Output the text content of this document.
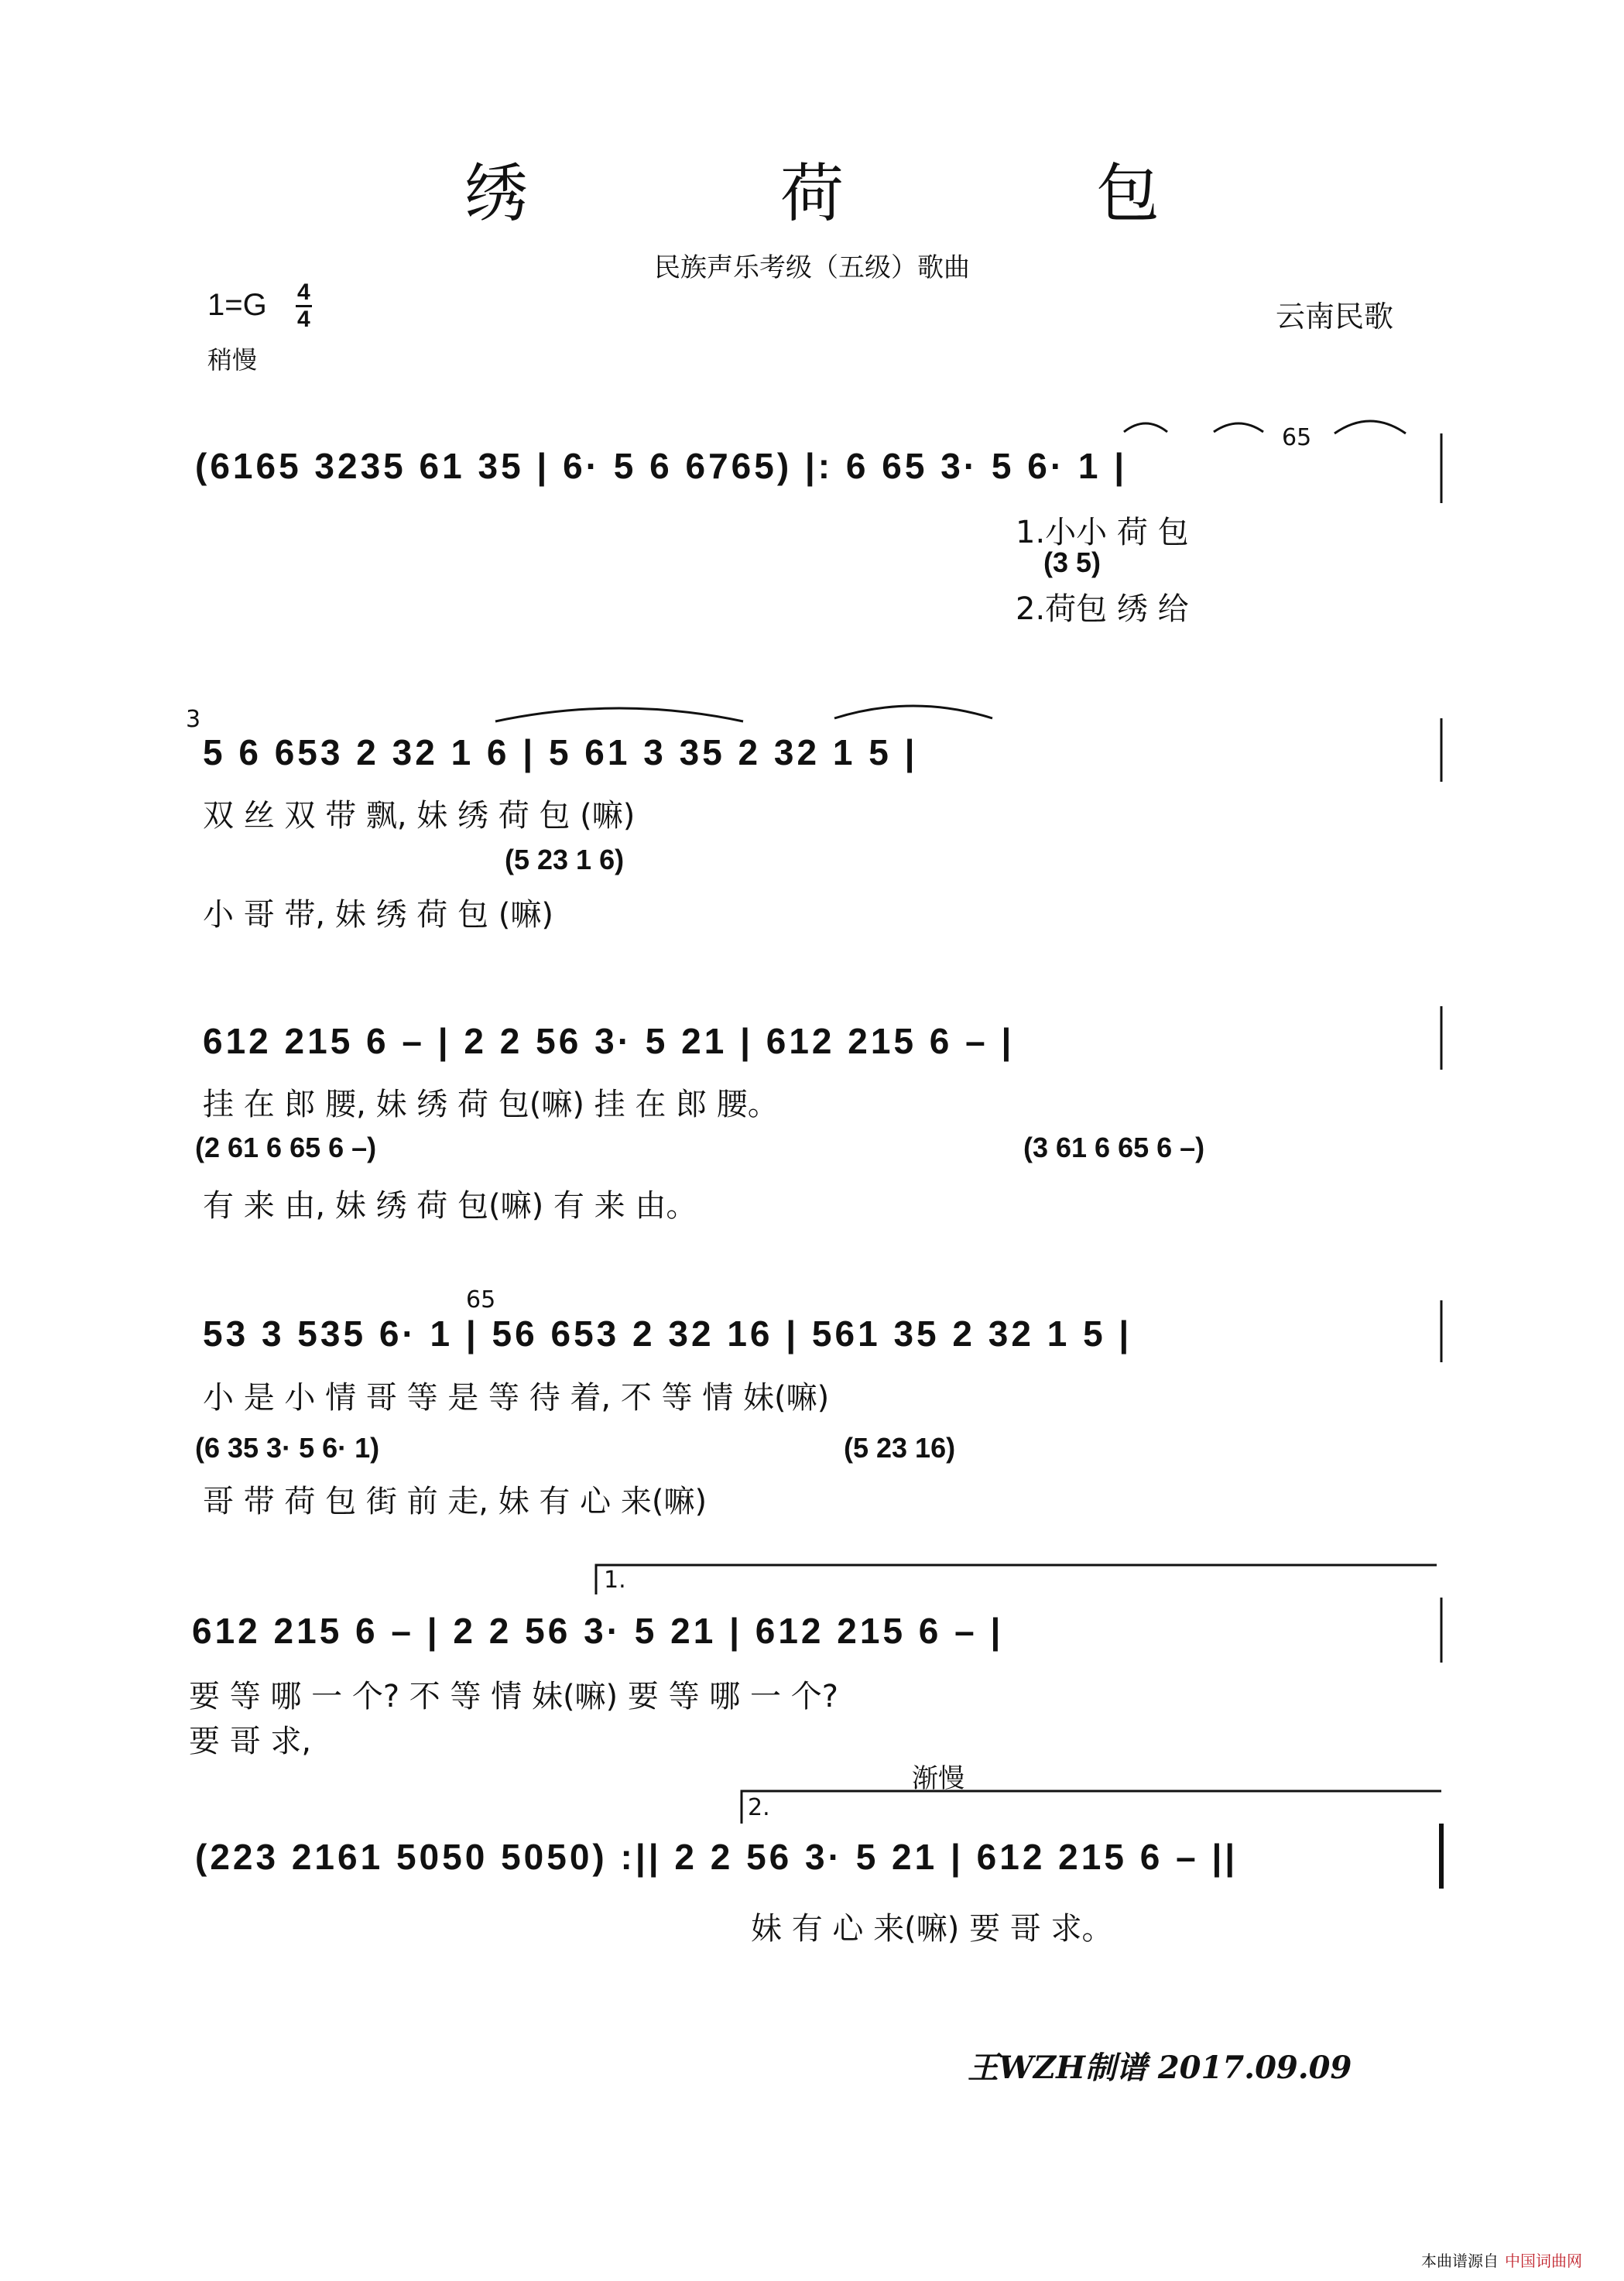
绣 荷 包
民族声乐考级（五级）歌曲
1=G 4
4
稍慢
云南民歌
65
(6165 3235 61 35 | 6· 5 6 6765) |: 6 65 3· 5 6· 1 |
1.小小 荷 包
(3 5)
2.荷包 绣 给
3
5 6 653 2 32 1 6 | 5 61 3 35 2 32 1 5 |
双 丝 双 带 飘, 妹 绣 荷 包 (嘛)
(5 23 1 6)
小 哥 带, 妹 绣 荷 包 (嘛)
612 215 6 – | 2 2 56 3· 5 21 | 612 215 6 – |
挂 在 郎 腰, 妹 绣 荷 包(嘛) 挂 在 郎 腰。
(2 61 6 65 6 –)	(3 61 6 65 6 –)
有 来 由, 妹 绣 荷 包(嘛) 有 来 由。
65
53 3 535 6· 1 | 56 653 2 32 16 | 561 35 2 32 1 5 |
小 是 小 情 哥 等 是 等 待 着, 不 等 情 妹(嘛)
(6 35 3· 5 6· 1)	(5 23 16)
哥 带 荷 包 街 前 走, 妹 有 心 来(嘛)
1.
612 215 6 – | 2 2 56 3· 5 21 | 612 215 6 – |
要 等 哪 一 个? 不 等 情 妹(嘛) 要 等 哪 一 个?
要 哥 求,
渐慢
2.
(223 2161 5050 5050) :|| 2 2 56 3· 5 21 | 612 215 6 – ||
妹 有 心 来(嘛) 要 哥 求。
王WZH制谱 2017.09.09
本曲谱源自 中国词曲网
